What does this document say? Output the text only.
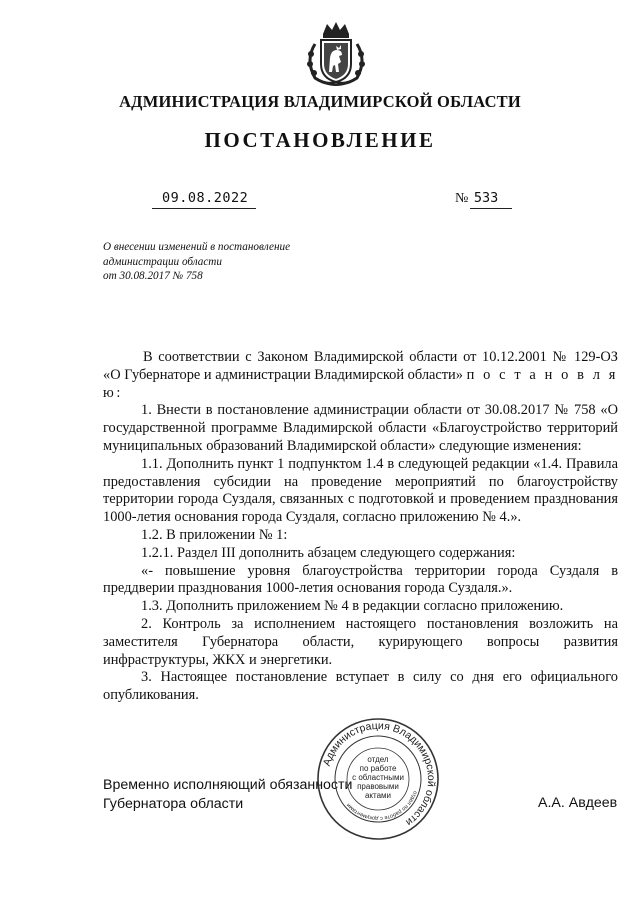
АДМИНИСТРАЦИЯ ВЛАДИМИРСКОЙ ОБЛАСТИ
ПОСТАНОВЛЕНИЕ
09.08.2022	№ 533
О внесении изменений в постановление
администрации области
от 30.08.2017 № 758

В соответствии с Законом Владимирской области от 10.12.2001 № 129-ОЗ «О Губернаторе и администрации Владимирской области» п о с т а н о в л я ю:

1. Внести в постановление администрации области от 30.08.2017 № 758 «О государственной программе Владимирской области «Благоустройство территорий муниципальных образований Владимирской области» следующие изменения:

1.1. Дополнить пункт 1 подпунктом 1.4 в следующей редакции «1.4. Правила предоставления субсидии на проведение мероприятий по благоустройству территории города Суздаля, связанных с подготовкой и проведением празднования 1000-летия основания города Суздаля, согласно приложению № 4.».

1.2. В приложении № 1:

1.2.1. Раздел III дополнить абзацем следующего содержания:

«- повышение уровня благоустройства территории города Суздаля в преддверии празднования 1000-летия основания города Суздаля.».

1.3. Дополнить приложением № 4 в редакции согласно приложению.

2. Контроль за исполнением настоящего постановления возложить на заместителя Губернатора области, курирующего вопросы развития инфраструктуры, ЖКХ и энергетики.

3. Настоящее постановление вступает в силу со дня его официального опубликования.

Временно исполняющий обязанности
Губернатора области	А.А. Авдеев
Администрация Владимирской области
отдел по работе с документами
отдел
по работе
с областными
правовыми
актами
